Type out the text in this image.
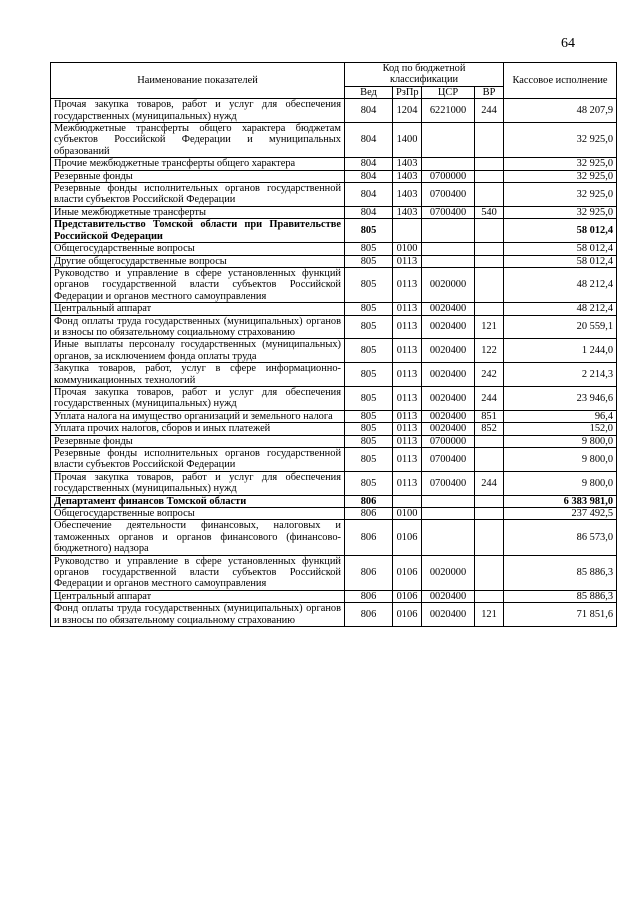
64
Наименование показателей	Код по бюджетной классификации				Кассовое исполнение
	Вед	РзПр	ЦСР	ВР	
Прочая закупка товаров, работ и услуг для обеспечения государственных (муниципальных) нужд	804	1204	6221000	244	48 207,9
Межбюджетные трансферты общего характера бюджетам субъектов Российской Федерации и муниципальных образований	804	1400			32 925,0
Прочие межбюджетные трансферты общего характера	804	1403			32 925,0
Резервные фонды	804	1403	0700000		32 925,0
Резервные фонды исполнительных органов государственной власти субъектов Российской Федерации	804	1403	0700400		32 925,0
Иные межбюджетные трансферты	804	1403	0700400	540	32 925,0
Представительство Томской области при Правительстве Российской Федерации	805				58 012,4
Общегосударственные вопросы	805	0100			58 012,4
Другие общегосударственные вопросы	805	0113			58 012,4
Руководство и управление в сфере установленных функций органов государственной власти субъектов Российской Федерации и органов местного самоуправления	805	0113	0020000		48 212,4
Центральный аппарат	805	0113	0020400		48 212,4
Фонд оплаты труда государственных (муниципальных) органов и взносы по обязательному социальному страхованию	805	0113	0020400	121	20 559,1
Иные выплаты персоналу государственных (муниципальных) органов, за исключением фонда оплаты труда	805	0113	0020400	122	1 244,0
Закупка товаров, работ, услуг в сфере информационно-коммуникационных технологий	805	0113	0020400	242	2 214,3
Прочая закупка товаров, работ и услуг для обеспечения государственных (муниципальных) нужд	805	0113	0020400	244	23 946,6
Уплата налога на имущество организаций и земельного налога	805	0113	0020400	851	96,4
Уплата прочих налогов, сборов и иных платежей	805	0113	0020400	852	152,0
Резервные фонды	805	0113	0700000		9 800,0
Резервные фонды исполнительных органов государственной власти субъектов Российской Федерации	805	0113	0700400		9 800,0
Прочая закупка товаров, работ и услуг для обеспечения государственных (муниципальных) нужд	805	0113	0700400	244	9 800,0
Департамент финансов Томской области	806				6 383 981,0
Общегосударственные вопросы	806	0100			237 492,5
Обеспечение деятельности финансовых, налоговых и таможенных органов и органов финансового (финансово-бюджетного) надзора	806	0106			86 573,0
Руководство и управление в сфере установленных функций органов государственной власти субъектов Российской Федерации и органов местного самоуправления	806	0106	0020000		85 886,3
Центральный аппарат	806	0106	0020400		85 886,3
Фонд оплаты труда государственных (муниципальных) органов и взносы по обязательному социальному страхованию	806	0106	0020400	121	71 851,6
